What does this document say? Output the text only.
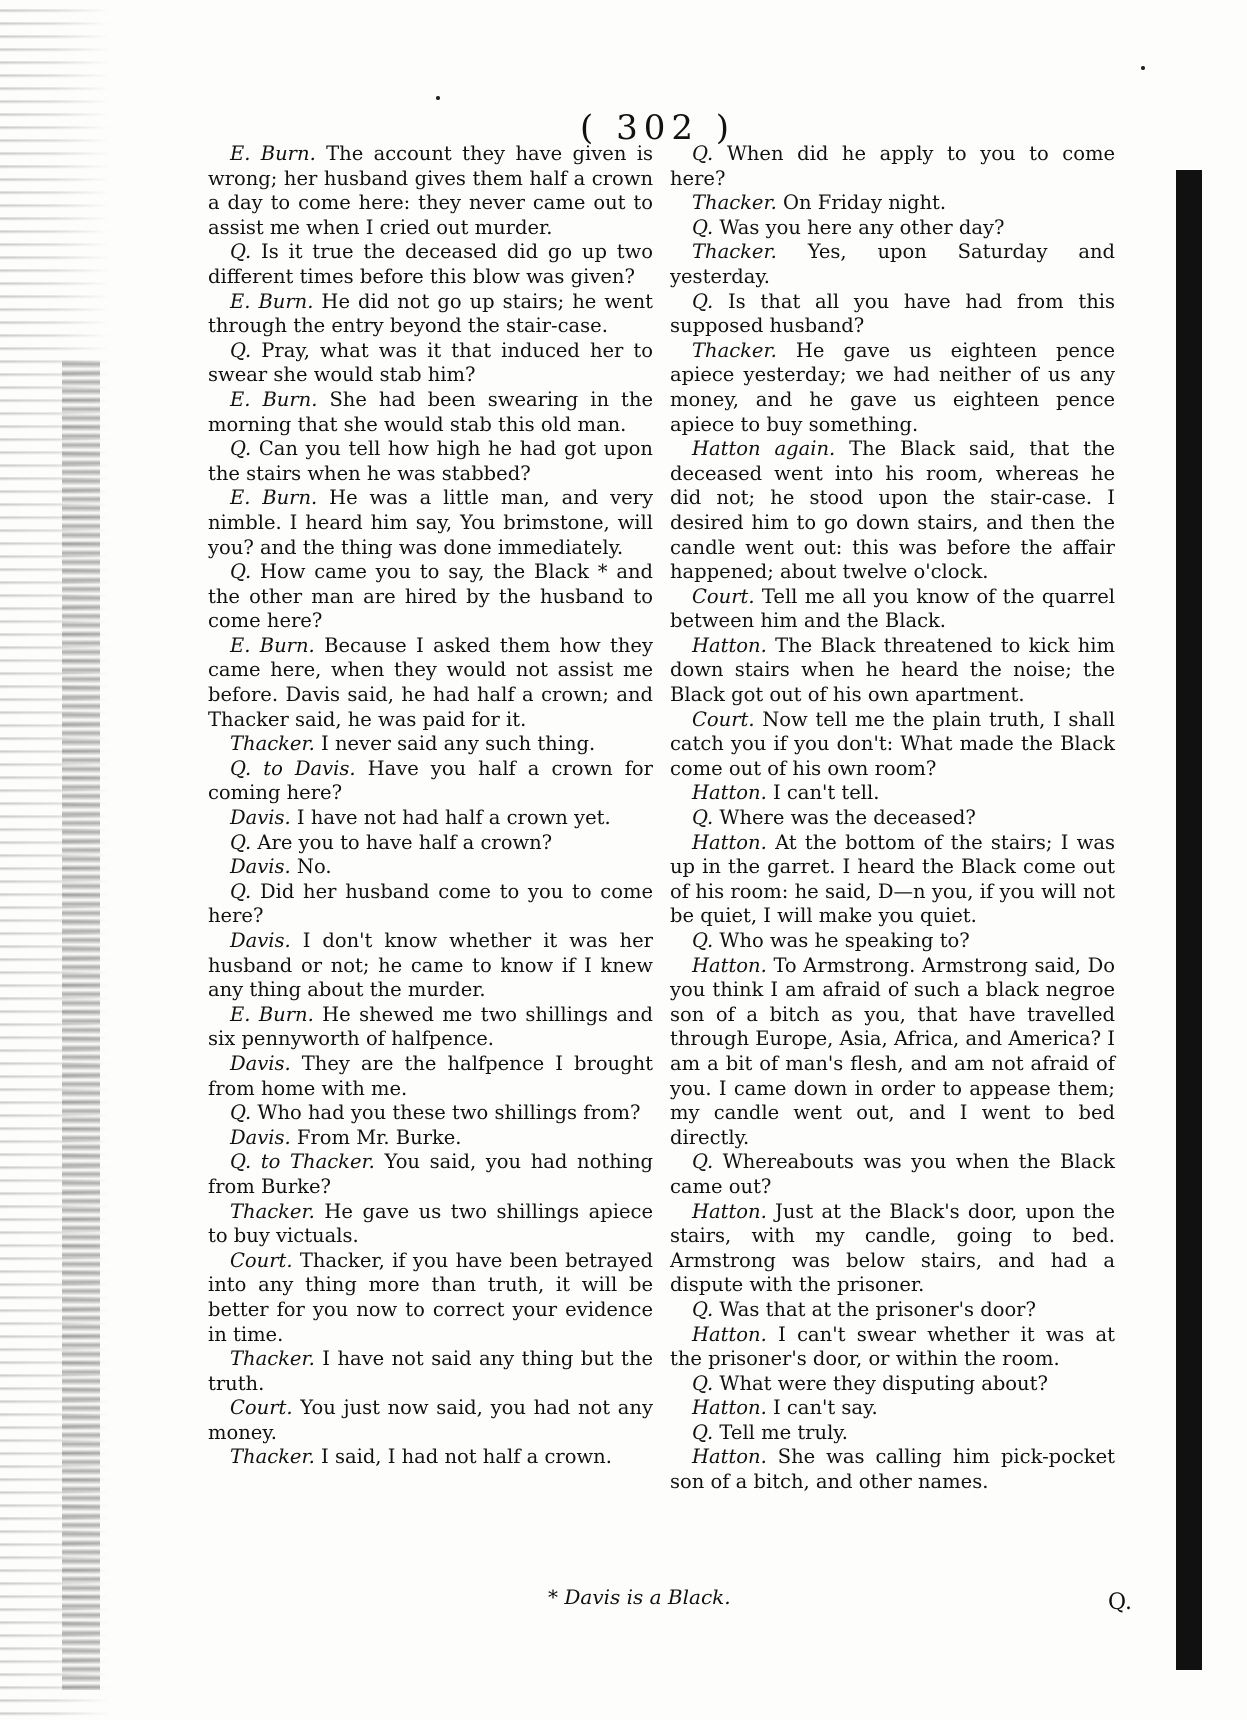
( 302 )

E. Burn. The account they have given is wrong; her husband gives them half a crown a day to come here: they never came out to assist me when I cried out murder.

Q. Is it true the deceased did go up two different times before this blow was given?

E. Burn. He did not go up stairs; he went through the entry beyond the stair-case.

Q. Pray, what was it that induced her to swear she would stab him?

E. Burn. She had been swearing in the morning that she would stab this old man.

Q. Can you tell how high he had got upon the stairs when he was stabbed?

E. Burn. He was a little man, and very nimble. I heard him say, You brimstone, will you? and the thing was done immediately.

Q. How came you to say, the Black * and the other man are hired by the husband to come here?

E. Burn. Because I asked them how they came here, when they would not assist me before. Davis said, he had half a crown; and Thacker said, he was paid for it.

Thacker. I never said any such thing.

Q. to Davis. Have you half a crown for coming here?

Davis. I have not had half a crown yet.

Q. Are you to have half a crown?

Davis. No.

Q. Did her husband come to you to come here?

Davis. I don't know whether it was her husband or not; he came to know if I knew any thing about the murder.

E. Burn. He shewed me two shillings and six pennyworth of halfpence.

Davis. They are the halfpence I brought from home with me.

Q. Who had you these two shillings from?

Davis. From Mr. Burke.

Q. to Thacker. You said, you had nothing from Burke?

Thacker. He gave us two shillings apiece to buy victuals.

Court. Thacker, if you have been betrayed into any thing more than truth, it will be better for you now to correct your evidence in time.

Thacker. I have not said any thing but the truth.

Court. You just now said, you had not any money.

Thacker. I said, I had not half a crown.

Q. When did he apply to you to come here?

Thacker. On Friday night.

Q. Was you here any other day?

Thacker. Yes, upon Saturday and yesterday.

Q. Is that all you have had from this supposed husband?

Thacker. He gave us eighteen pence apiece yesterday; we had neither of us any money, and he gave us eighteen pence apiece to buy something.

Hatton again. The Black said, that the deceased went into his room, whereas he did not; he stood upon the stair-case. I desired him to go down stairs, and then the candle went out: this was before the affair happened; about twelve o'clock.

Court. Tell me all you know of the quarrel between him and the Black.

Hatton. The Black threatened to kick him down stairs when he heard the noise; the Black got out of his own apartment.

Court. Now tell me the plain truth, I shall catch you if you don't: What made the Black come out of his own room?

Hatton. I can't tell.

Q. Where was the deceased?

Hatton. At the bottom of the stairs; I was up in the garret. I heard the Black come out of his room: he said, D—n you, if you will not be quiet, I will make you quiet.

Q. Who was he speaking to?

Hatton. To Armstrong. Armstrong said, Do you think I am afraid of such a black negroe son of a bitch as you, that have travelled through Europe, Asia, Africa, and America? I am a bit of man's flesh, and am not afraid of you. I came down in order to appease them; my candle went out, and I went to bed directly.

Q. Whereabouts was you when the Black came out?

Hatton. Just at the Black's door, upon the stairs, with my candle, going to bed. Armstrong was below stairs, and had a dispute with the prisoner.

Q. Was that at the prisoner's door?

Hatton. I can't swear whether it was at the prisoner's door, or within the room.

Q. What were they disputing about?

Hatton. I can't say.

Q. Tell me truly.

Hatton. She was calling him pick-pocket son of a bitch, and other names.

* Davis is a Black.	Q.
